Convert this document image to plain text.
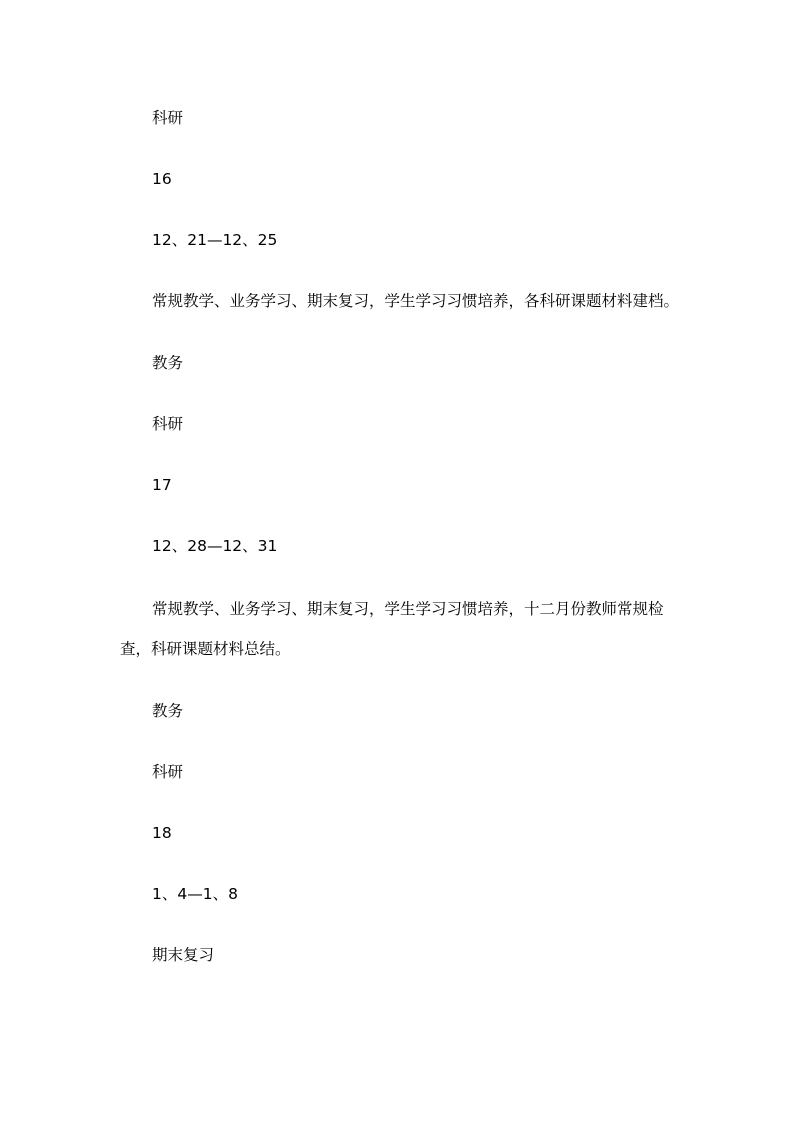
科研
16
12、21—12、25
常规教学、业务学习、期末复习，学生学习习惯培养，各科研课题材料建档。
教务
科研
17
12、28—12、31
常规教学、业务学习、期末复习，学生学习习惯培养，十二月份教师常规检查，科研课题材料总结。
教务
科研
18
1、4—1、8
期末复习
